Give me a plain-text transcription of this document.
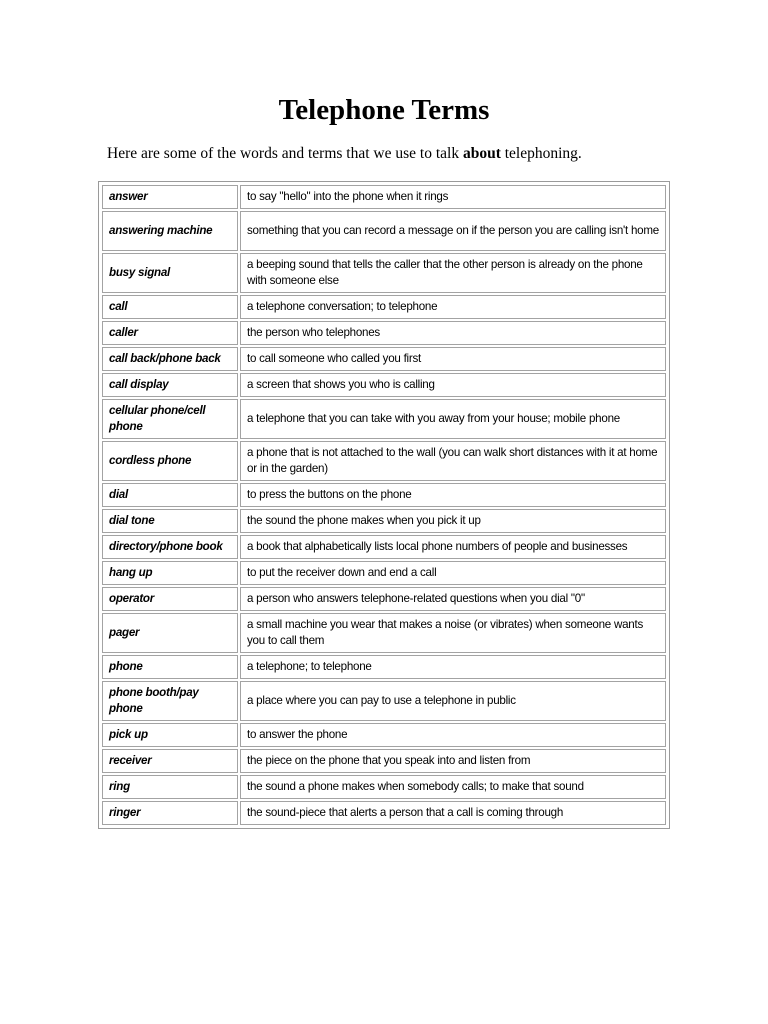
Telephone Terms

Here are some of the words and terms that we use to talk about telephoning.

answer	to say "hello" into the phone when it rings
answering machine	something that you can record a message on if the person you are calling isn't home
busy signal	a beeping sound that tells the caller that the other person is already on the phone with someone else
call	a telephone conversation; to telephone
caller	the person who telephones
call back/phone back	to call someone who called you first
call display	a screen that shows you who is calling
cellular phone/cell phone	a telephone that you can take with you away from your house; mobile phone
cordless phone	a phone that is not attached to the wall (you can walk short distances with it at home or in the garden)
dial	to press the buttons on the phone
dial tone	the sound the phone makes when you pick it up
directory/phone book	a book that alphabetically lists local phone numbers of people and businesses
hang up	to put the receiver down and end a call
operator	a person who answers telephone-related questions when you dial "0"
pager	a small machine you wear that makes a noise (or vibrates) when someone wants you to call them
phone	a telephone; to telephone
phone booth/pay phone	a place where you can pay to use a telephone in public
pick up	to answer the phone
receiver	the piece on the phone that you speak into and listen from
ring	the sound a phone makes when somebody calls; to make that sound
ringer	the sound-piece that alerts a person that a call is coming through
